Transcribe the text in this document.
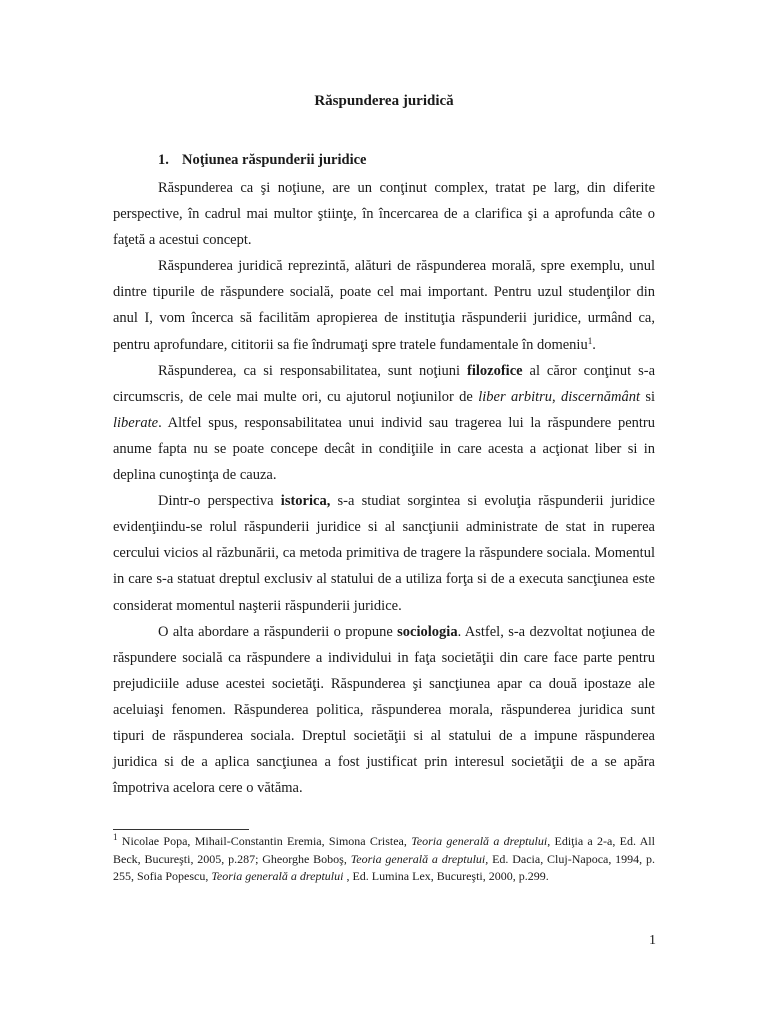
Răspunderea juridică
1. Noţiunea răspunderii juridice

Răspunderea ca şi noţiune, are un conţinut complex, tratat pe larg, din diferite perspective, în cadrul mai multor ştiinţe, în încercarea de a clarifica şi a aprofunda câte o faţetă a acestui concept.

Răspunderea juridică reprezintă, alături de răspunderea morală, spre exemplu, unul dintre tipurile de răspundere socială, poate cel mai important. Pentru uzul studenţilor din anul I, vom încerca să facilităm apropierea de instituţia răspunderii juridice, urmând ca, pentru aprofundare, cititorii sa fie îndrumaţi spre tratele fundamentale în domeniu$^1$.

Răspunderea, ca si responsabilitatea, sunt noţiuni filozofice al căror conţinut s-a circumscris, de cele mai multe ori, cu ajutorul noţiunilor de liber arbitru, discernământ si liberate. Altfel spus, responsabilitatea unui individ sau tragerea lui la răspundere pentru anume fapta nu se poate concepe decât in condiţiile in care acesta a acţionat liber si in deplina cunoştinţa de cauza.

Dintr-o perspectiva istorica, s-a studiat sorgintea si evoluţia răspunderii juridice evidenţiindu-se rolul răspunderii juridice si al sancţiunii administrate de stat in ruperea cercului vicios al răzbunării, ca metoda primitiva de tragere la răspundere sociala. Momentul in care s-a statuat dreptul exclusiv al statului de a utiliza forţa si de a executa sancţiunea este considerat momentul naşterii răspunderii juridice.

O alta abordare a răspunderii o propune sociologia. Astfel, s-a dezvoltat noţiunea de răspundere socială ca răspundere a individului in faţa societăţii din care face parte pentru prejudiciile aduse acestei societăţi. Răspunderea şi sancţiunea apar ca două ipostaze ale aceluiaşi fenomen. Răspunderea politica, răspunderea morala, răspunderea juridica sunt tipuri de răspunderea sociala. Dreptul societăţii si al statului de a impune răspunderea juridica si de a aplica sancţiunea a fost justificat prin interesul societăţii de a se apăra împotriva acelora cere o vătăma.

$^1$ Nicolae Popa, Mihail-Constantin Eremia, Simona Cristea, Teoria generală a dreptului, Ediţia a 2-a, Ed. All Beck, Bucureşti, 2005, p.287; Gheorghe Boboş, Teoria generală a dreptului, Ed. Dacia, Cluj-Napoca, 1994, p. 255, Sofia Popescu, Teoria generală a dreptului , Ed. Lumina Lex, Bucureşti, 2000, p.299.
1
